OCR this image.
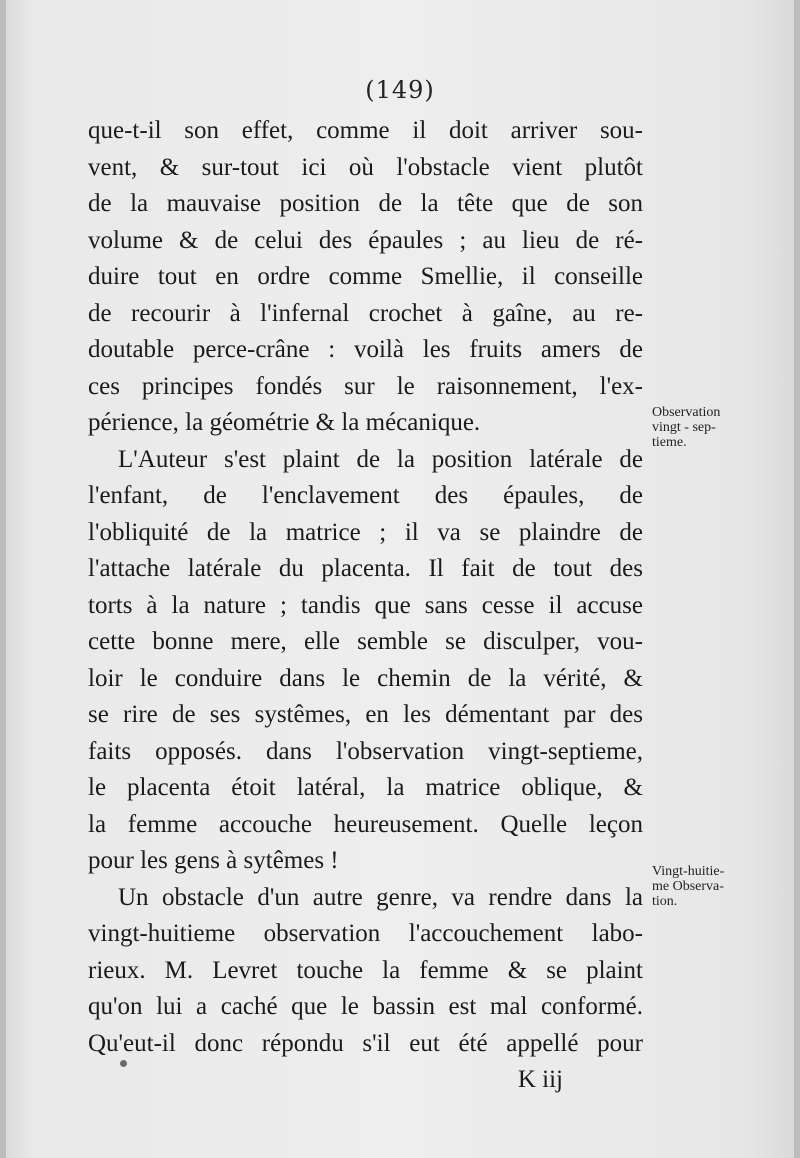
(149)
que-t-il son effet, comme il doit arriver sou-
vent, & sur-tout ici où l'obstacle vient plutôt
de la mauvaise position de la tête que de son
volume & de celui des épaules ; au lieu de ré-
duire tout en ordre comme Smellie, il conseille
de recourir à l'infernal crochet à gaîne, au re-
doutable perce-crâne : voilà les fruits amers de
ces principes fondés sur le raisonnement, l'ex-
périence, la géométrie & la mécanique.
L'Auteur s'est plaint de la position latérale de
l'enfant, de l'enclavement des épaules, de
l'obliquité de la matrice ; il va se plaindre de
l'attache latérale du placenta. Il fait de tout des
torts à la nature ; tandis que sans cesse il accuse
cette bonne mere, elle semble se disculper, vou-
loir le conduire dans le chemin de la vérité, &
se rire de ses systêmes, en les démentant par des
faits opposés. dans l'observation vingt-septieme,
le placenta étoit latéral, la matrice oblique, &
la femme accouche heureusement. Quelle leçon
pour les gens à sytêmes !
Un obstacle d'un autre genre, va rendre dans la
vingt-huitieme observation l'accouchement labo-
rieux. M. Levret touche la femme & se plaint
qu'on lui a caché que le bassin est mal conformé.
Qu'eut-il donc répondu s'il eut été appellé pour
K iij
Observation
vingt - sep-
tieme.
Vingt-huitie-
me Observa-
tion.
